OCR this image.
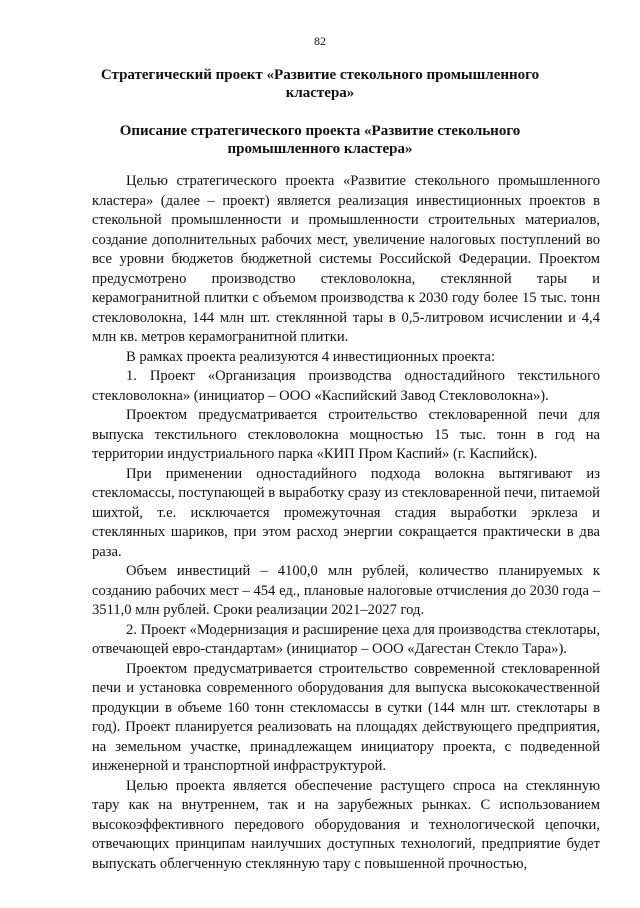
82
Стратегический проект «Развитие стекольного промышленного кластера»
Описание стратегического проекта «Развитие стекольного промышленного кластера»

Целью стратегического проекта «Развитие стекольного промышленного кластера» (далее – проект) является реализация инвестиционных проектов в стекольной промышленности и промышленности строительных материалов, создание дополнительных рабочих мест, увеличение налоговых поступлений во все уровни бюджетов бюджетной системы Российской Федерации. Проектом предусмотрено производство стекловолокна, стеклянной тары и керамогранитной плитки с объемом производства к 2030 году более 15 тыс. тонн стекловолокна, 144 млн шт. стеклянной тары в 0,5-литровом исчислении и 4,4 млн кв. метров керамогранитной плитки.

В рамках проекта реализуются 4 инвестиционных проекта:

1. Проект «Организация производства одностадийного текстильного стекловолокна» (инициатор – ООО «Каспийский Завод Стекловолокна»).

Проектом предусматривается строительство стекловаренной печи для выпуска текстильного стекловолокна мощностью 15 тыс. тонн в год на территории индустриального парка «КИП Пром Каспий» (г. Каспийск).

При применении одностадийного подхода волокна вытягивают из стекломассы, поступающей в выработку сразу из стекловаренной печи, питаемой шихтой, т.е. исключается промежуточная стадия выработки эрклеза и стеклянных шариков, при этом расход энергии сокращается практически в два раза.

Объем инвестиций – 4100,0 млн рублей, количество планируемых к созданию рабочих мест – 454 ед., плановые налоговые отчисления до 2030 года – 3511,0 млн рублей. Сроки реализации 2021–2027 год.

2. Проект «Модернизация и расширение цеха для производства стеклотары, отвечающей евро-стандартам» (инициатор – ООО «Дагестан Стекло Тара»).

Проектом предусматривается строительство современной стекловаренной печи и установка современного оборудования для выпуска высококачественной продукции в объеме 160 тонн стекломассы в сутки (144 млн шт. стеклотары в год). Проект планируется реализовать на площадях действующего предприятия, на земельном участке, принадлежащем инициатору проекта, с подведенной инженерной и транспортной инфраструктурой.

Целью проекта является обеспечение растущего спроса на стеклянную тару как на внутреннем, так и на зарубежных рынках. С использованием высокоэффективного передового оборудования и технологической цепочки, отвечающих принципам наилучших доступных технологий, предприятие будет выпускать облегченную стеклянную тару с повышенной прочностью,
